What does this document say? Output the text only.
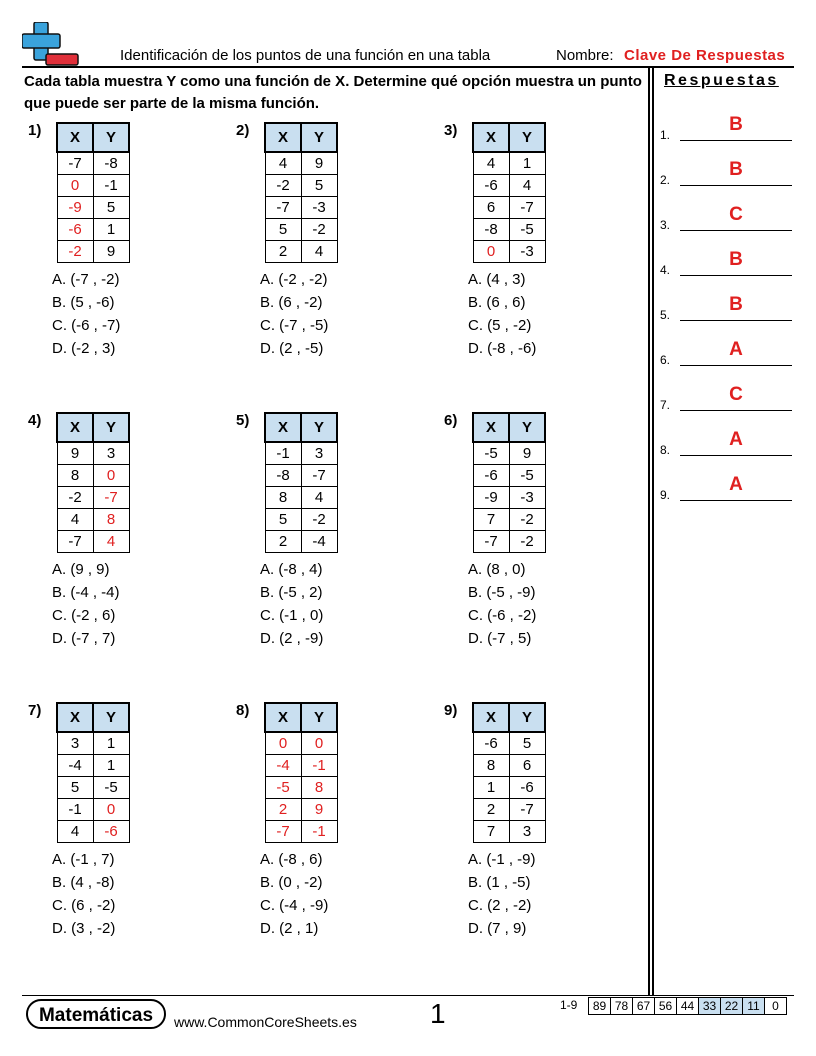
Identificación de los puntos de una función en una tabla	Nombre: Clave De Respuestas
Cada tabla muestra Y como una función de X. Determine qué opción muestra un punto que puede ser parte de la misma función.
Respuestas
1.	B
2.	B
3.	C
4.	B
5.	B
6.	A
7.	C
8.	A
9.	A
1) X	Y
-7	-8
0	-1
-9	5
-6	1
-2	9
A. (-7 , -2)
B. (5 , -6)
C. (-6 , -7)
D. (-2 , 3)
2) X	Y
4	9
-2	5
-7	-3
5	-2
2	4
A. (-2 , -2)
B. (6 , -2)
C. (-7 , -5)
D. (2 , -5)
3) X	Y
4	1
-6	4
6	-7
-8	-5
0	-3
A. (4 , 3)
B. (6 , 6)
C. (5 , -2)
D. (-8 , -6)
4) X	Y
9	3
8	0
-2	-7
4	8
-7	4
A. (9 , 9)
B. (-4 , -4)
C. (-2 , 6)
D. (-7 , 7)
5) X	Y
-1	3
-8	-7
8	4
5	-2
2	-4
A. (-8 , 4)
B. (-5 , 2)
C. (-1 , 0)
D. (2 , -9)
6) X	Y
-5	9
-6	-5
-9	-3
7	-2
-7	-2
A. (8 , 0)
B. (-5 , -9)
C. (-6 , -2)
D. (-7 , 5)
7) X	Y
3	1
-4	1
5	-5
-1	0
4	-6
A. (-1 , 7)
B. (4 , -8)
C. (6 , -2)
D. (3 , -2)
8) X	Y
0	0
-4	-1
-5	8
2	9
-7	-1
A. (-8 , 6)
B. (0 , -2)
C. (-4 , -9)
D. (2 , 1)
9) X	Y
-6	5
8	6
1	-6
2	-7
7	3
A. (-1 , -9)
B. (1 , -5)
C. (2 , -2)
D. (7 , 9)
Matemáticas	www.CommonCoreSheets.es	1	1-9 89	78	67	56	44	33	22	11	0
